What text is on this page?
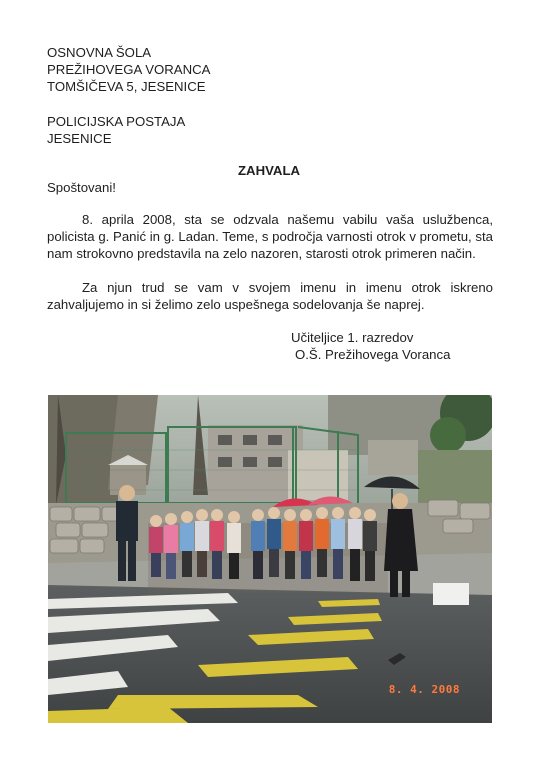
OSNOVNA ŠOLA
PREŽIHOVEGA VORANCA
TOMŠIČEVA 5, JESENICE
POLICIJSKA POSTAJA
JESENICE
ZAHVALA
Spoštovani!

8. aprila 2008, sta se odzvala našemu vabilu vaša uslužbenca, policista g. Panić in g. Ladan. Teme, s področja varnosti otrok v prometu, sta nam strokovno predstavila na zelo nazoren, starosti otrok primeren način.

Za njun trud se vam v svojem imenu in imenu otrok iskreno zahvaljujemo in si želimo zelo uspešnega sodelovanja še naprej.

Učiteljice 1. razredov
O.Š. Prežihovega Voranca
8. 4. 2008
